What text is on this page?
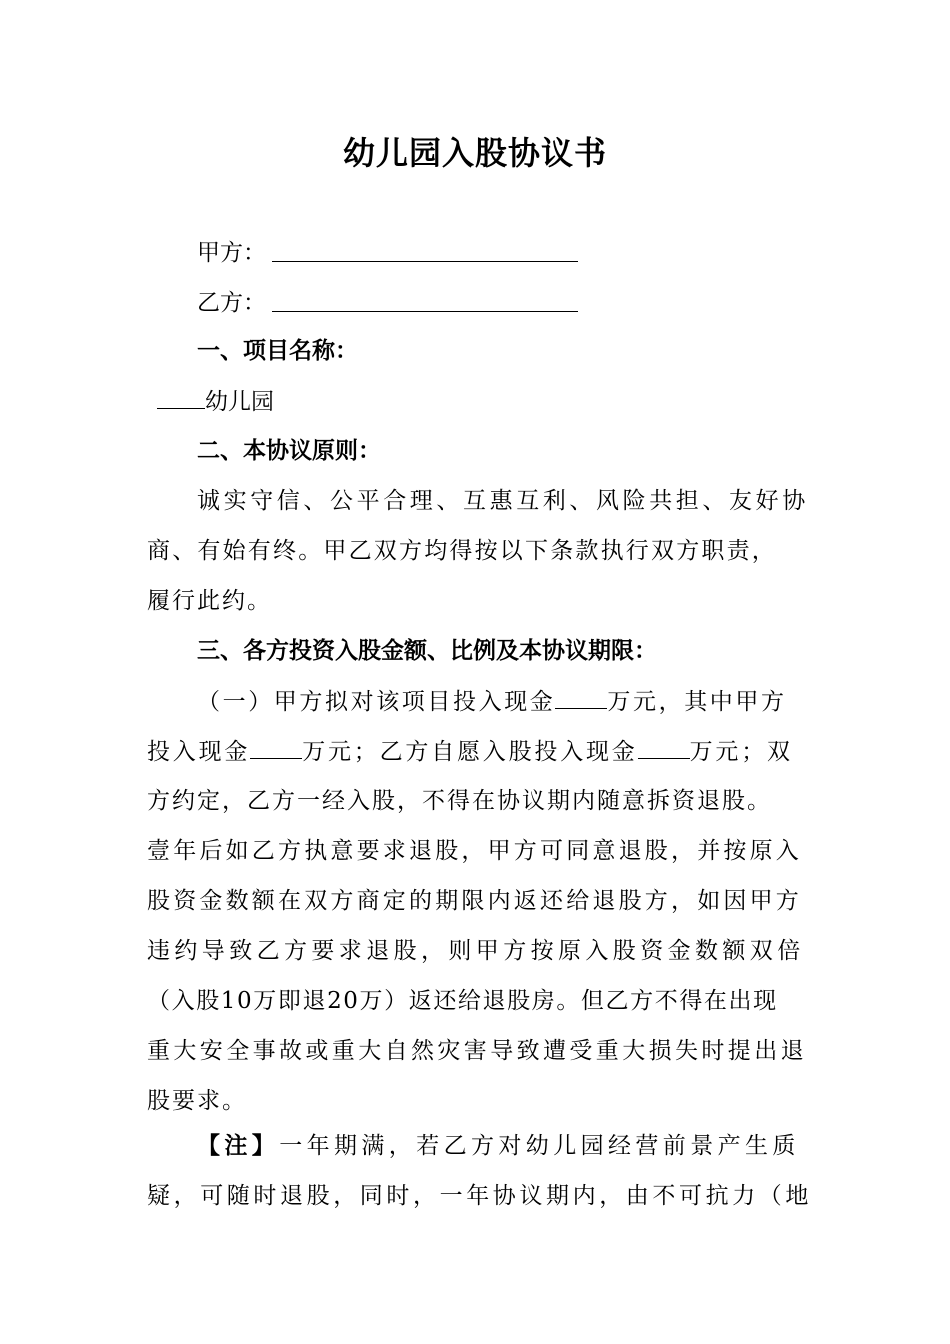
幼儿园入股协议书
甲方：
乙方：
一、项目名称：
幼儿园
二、本协议原则：
诚实守信、公平合理、互惠互利、风险共担、友好协
商、有始有终。甲乙双方均得按以下条款执行双方职责，
履行此约。
三、各方投资入股金额、比例及本协议期限：
（一）甲方拟对该项目投入现金 万元，其中甲方
投入现金 万元；乙方自愿入股投入现金 万元；双
方约定，乙方一经入股，不得在协议期内随意拆资退股。
壹年后如乙方执意要求退股，甲方可同意退股，并按原入
股资金数额在双方商定的期限内返还给退股方，如因甲方
违约导致乙方要求退股，则甲方按原入股资金数额双倍
（入股10万即退20万）返还给退股房。但乙方不得在出现
重大安全事故或重大自然灾害导致遭受重大损失时提出退
股要求。
【注】一年期满，若乙方对幼儿园经营前景产生质
疑，可随时退股，同时，一年协议期内，由不可抗力（地
